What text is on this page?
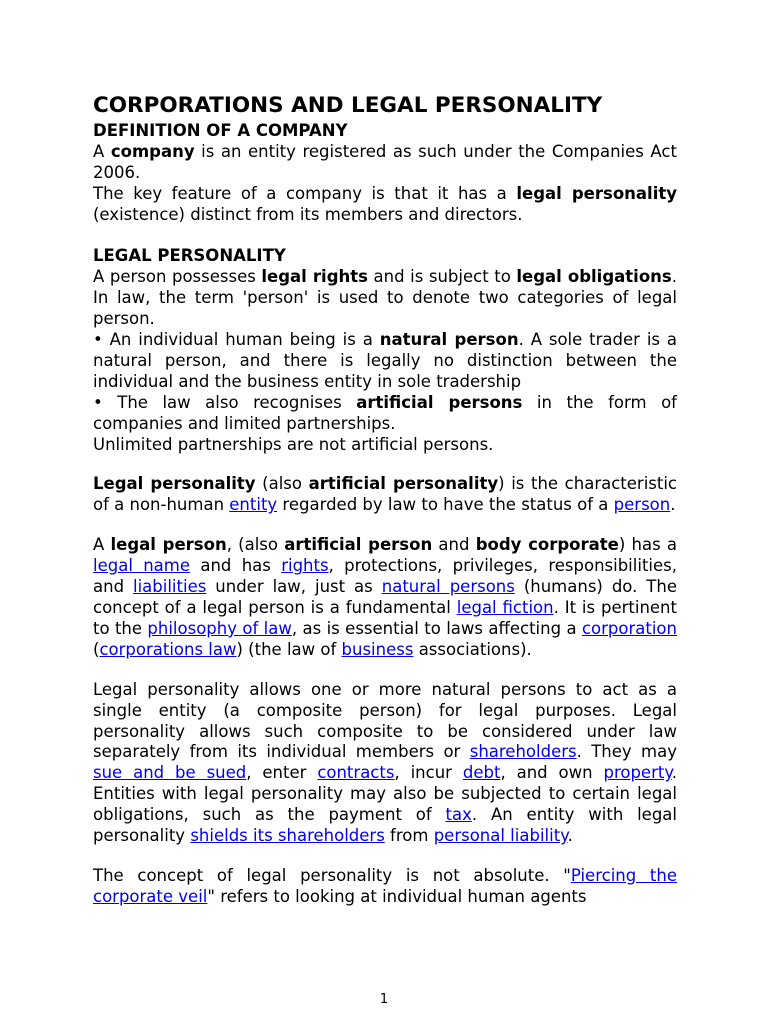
CORPORATIONS AND LEGAL PERSONALITY
DEFINITION OF A COMPANY
A company is an entity registered as such under the Companies Act 2006.
The key feature of a company is that it has a legal personality (existence) distinct from its members and directors.
LEGAL PERSONALITY
A person possesses legal rights and is subject to legal obligations. In law, the term 'person' is used to denote two categories of legal person.
• An individual human being is a natural person. A sole trader is a natural person, and there is legally no distinction between the individual and the business entity in sole tradership
• The law also recognises artificial persons in the form of companies and limited partnerships.
Unlimited partnerships are not artificial persons.
Legal personality (also artificial personality) is the characteristic of a non-human entity regarded by law to have the status of a person.
A legal person, (also artificial person and body corporate) has a legal name and has rights, protections, privileges, responsibilities, and liabilities under law, just as natural persons (humans) do. The concept of a legal person is a fundamental legal fiction. It is pertinent to the philosophy of law, as is essential to laws affecting a corporation (corporations law) (the law of business associations).
Legal personality allows one or more natural persons to act as a single entity (a composite person) for legal purposes. Legal personality allows such composite to be considered under law separately from its individual members or shareholders. They may sue and be sued, enter contracts, incur debt, and own property. Entities with legal personality may also be subjected to certain legal obligations, such as the payment of tax. An entity with legal personality shields its shareholders from personal liability.
The concept of legal personality is not absolute. "Piercing the corporate veil" refers to looking at individual human agents
1
